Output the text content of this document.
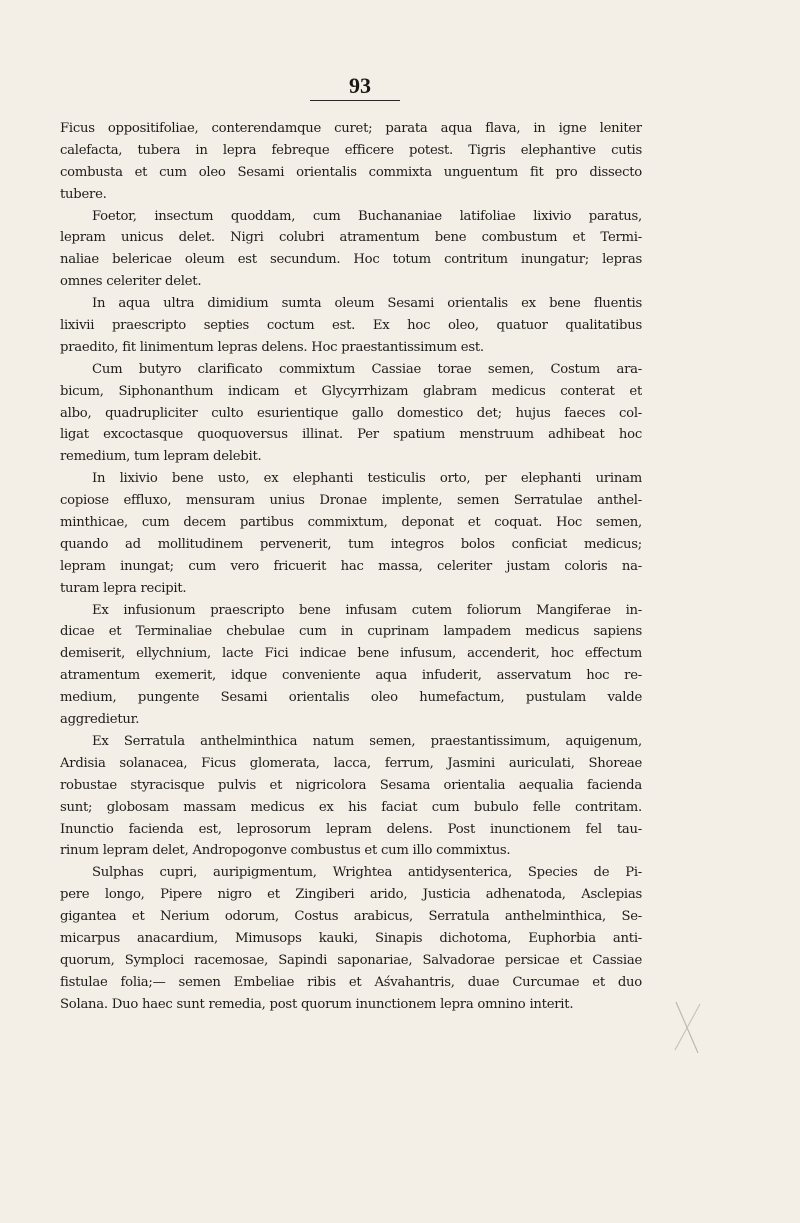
93
Ficus oppositifoliae, conterendamque curet; parata aqua flava, in igne leniter
calefacta, tubera in lepra febreque efficere potest. Tigris elephantive cutis
combusta et cum oleo Sesami orientalis commixta unguentum fit pro dissecto
tubere.
Foetor, insectum quoddam, cum Buchananiae latifoliae lixivio paratus,
lepram unicus delet. Nigri colubri atramentum bene combustum et Termi-
naliae belericae oleum est secundum. Hoc totum contritum inungatur; lepras
omnes celeriter delet.
In aqua ultra dimidium sumta oleum Sesami orientalis ex bene fluentis
lixivii praescripto septies coctum est. Ex hoc oleo, quatuor qualitatibus
praedito, fit linimentum lepras delens. Hoc praestantissimum est.
Cum butyro clarificato commixtum Cassiae torae semen, Costum ara-
bicum, Siphonanthum indicam et Glycyrrhizam glabram medicus conterat et
albo, quadrupliciter culto esurientique gallo domestico det; hujus faeces col-
ligat excoctasque quoquoversus illinat. Per spatium menstruum adhibeat hoc
remedium, tum lepram delebit.
In lixivio bene usto, ex elephanti testiculis orto, per elephanti urinam
copiose effluxo, mensuram unius Dronae implente, semen Serratulae anthel-
minthicae, cum decem partibus commixtum, deponat et coquat. Hoc semen,
quando ad mollitudinem pervenerit, tum integros bolos conficiat medicus;
lepram inungat; cum vero fricuerit hac massa, celeriter justam coloris na-
turam lepra recipit.
Ex infusionum praescripto bene infusam cutem foliorum Mangiferae in-
dicae et Terminaliae chebulae cum in cuprinam lampadem medicus sapiens
demiserit, ellychnium, lacte Fici indicae bene infusum, accenderit, hoc effectum
atramentum exemerit, idque conveniente aqua infuderit, asservatum hoc re-
medium, pungente Sesami orientalis oleo humefactum, pustulam valde
aggredietur.
Ex Serratula anthelminthica natum semen, praestantissimum, aquigenum,
Ardisia solanacea, Ficus glomerata, lacca, ferrum, Jasmini auriculati, Shoreae
robustae styracisque pulvis et nigricolora Sesama orientalia aequalia facienda
sunt; globosam massam medicus ex his faciat cum bubulo felle contritam.
Inunctio facienda est, leprosorum lepram delens. Post inunctionem fel tau-
rinum lepram delet, Andropogonve combustus et cum illo commixtus.
Sulphas cupri, auripigmentum, Wrightea antidysenterica, Species de Pi-
pere longo, Pipere nigro et Zingiberi arido, Justicia adhenatoda, Asclepias
gigantea et Nerium odorum, Costus arabicus, Serratula anthelminthica, Se-
micarpus anacardium, Mimusops kauki, Sinapis dichotoma, Euphorbia anti-
quorum, Symploci racemosae, Sapindi saponariae, Salvadorae persicae et Cassiae
fistulae folia;— semen Embeliae ribis et Aśvahantris, duae Curcumae et duo
Solana. Duo haec sunt remedia, post quorum inunctionem lepra omnino interit.
